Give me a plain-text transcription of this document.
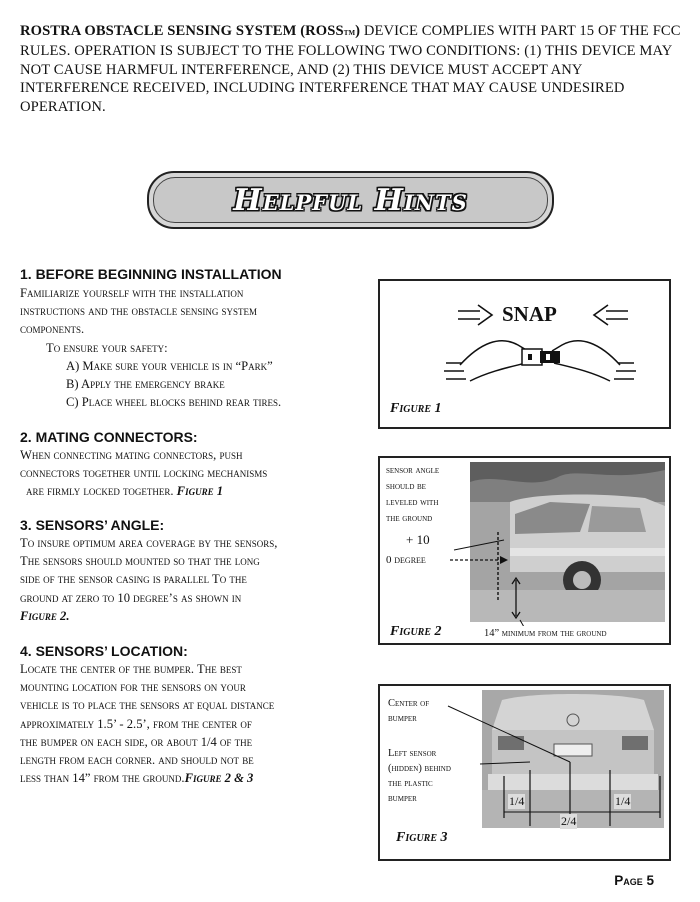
ROSTRA OBSTACLE SENSING SYSTEM (ROSSTM) DEVICE COMPLIES WITH PART 15 OF THE FCC RULES. OPERATION IS SUBJECT TO THE FOLLOWING TWO CONDITIONS: (1) THIS DEVICE MAY NOT CAUSE HARMFUL INTERFERENCE, AND (2) THIS DEVICE MUST ACCEPT ANY INTERFERENCE RECEIVED, INCLUDING INTERFERENCE THAT MAY CAUSE UNDESIRED OPERATION.
Helpful Hints
1. BEFORE BEGINNING INSTALLATION
Familiarize yourself with the installation
instructions and the obstacle sensing system
components.
To ensure your safety:
A) Make sure your vehicle is in “Park”
B) Apply the emergency brake
C) Place wheel blocks behind rear tires.
2. MATING CONNECTORS:
When connecting mating connectors, push
connectors together until locking mechanisms
are firmly locked together. Figure 1
3. SENSORS’ ANGLE:
To insure optimum area coverage by the sensors,
The sensors should mounted so that the long
side of the sensor casing is parallel To the
ground at zero to 10 degree’s as shown in
Figure 2.
4. SENSORS’ LOCATION:
Locate the center of the bumper. The best
mounting location for the sensors on your
vehicle is to place the sensors at equal distance
approximately 1.5’ - 2.5’, from the center of
the bumper on each side, or about 1/4 of the
length from each corner. and should not be
less than 14” from the ground.Figure 2 & 3
SNAP
Figure 1
sensor angle
should be
leveled with
the ground
+ 10
0 degree
Figure 2	14” minimum from the ground
Center of
bumper
Left sensor
(hidden) behind
the plastic
bumper	1/4
2/4
1/4
Figure 3
Page 5
